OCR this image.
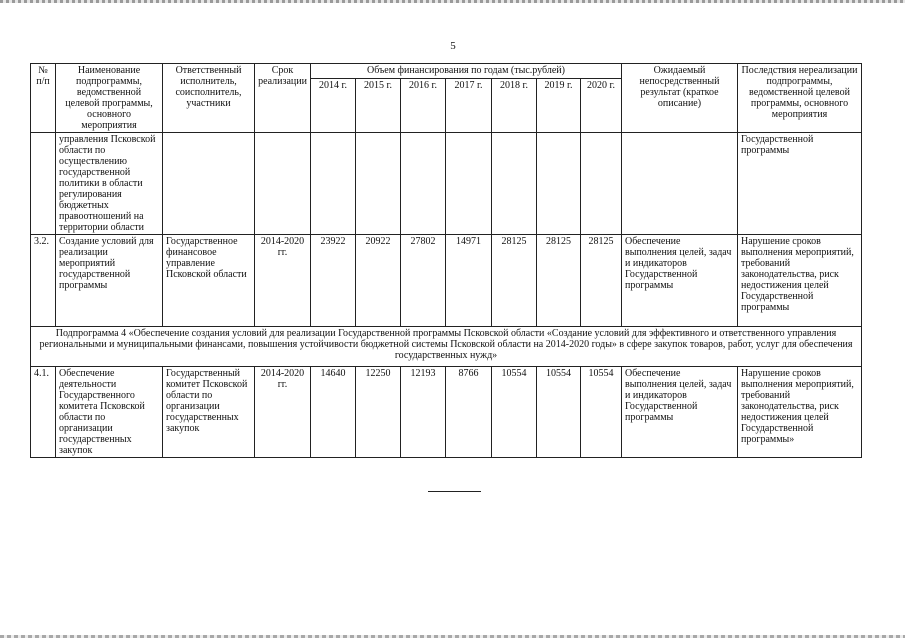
5
№ п/п	Наименование подпрограммы, ведомственной целевой программы, основного мероприятия	Ответственный исполнитель, соисполнитель, участники	Срок реализации	Объем финансирования по годам (тыс.рублей)							Ожидаемый непосредственный результат (краткое описание)	Последствия нереализации подпрограммы, ведомственной целевой программы, основного мероприятия
				2014 г.	2015 г.	2016 г.	2017 г.	2018 г.	2019 г.	2020 г.		
	управления Псковской области по осуществлению государственной политики в области регулирования бюджетных правоотношений на территории области											Государственной программы
3.2.	Создание условий для реализации мероприятий государственной программы	Государственное финансовое управление Псковской области	2014-2020 гг.	23922	20922	27802	14971	28125	28125	28125	Обеспечение выполнения целей, задач и индикаторов Государственной программы	Нарушение сроков выполнения мероприятий, требований законодательства, риск недостижения целей Государственной программы
Подпрограмма 4 «Обеспечение создания условий для реализации Государственной программы Псковской области «Создание условий для эффективного и ответственного управления региональными и муниципальными финансами, повышения устойчивости бюджетной системы Псковской области на 2014-2020 годы» в сфере закупок товаров, работ, услуг для обеспечения государственных нужд»												
4.1.	Обеспечение деятельности Государственного комитета Псковской области по организации государственных закупок	Государственный комитет Псковской области по организации государственных закупок	2014-2020 гг.	14640	12250	12193	8766	10554	10554	10554	Обеспечение выполнения целей, задач и индикаторов Государственной программы	Нарушение сроков выполнения мероприятий, требований законодательства, риск недостижения целей Государственной программы»
